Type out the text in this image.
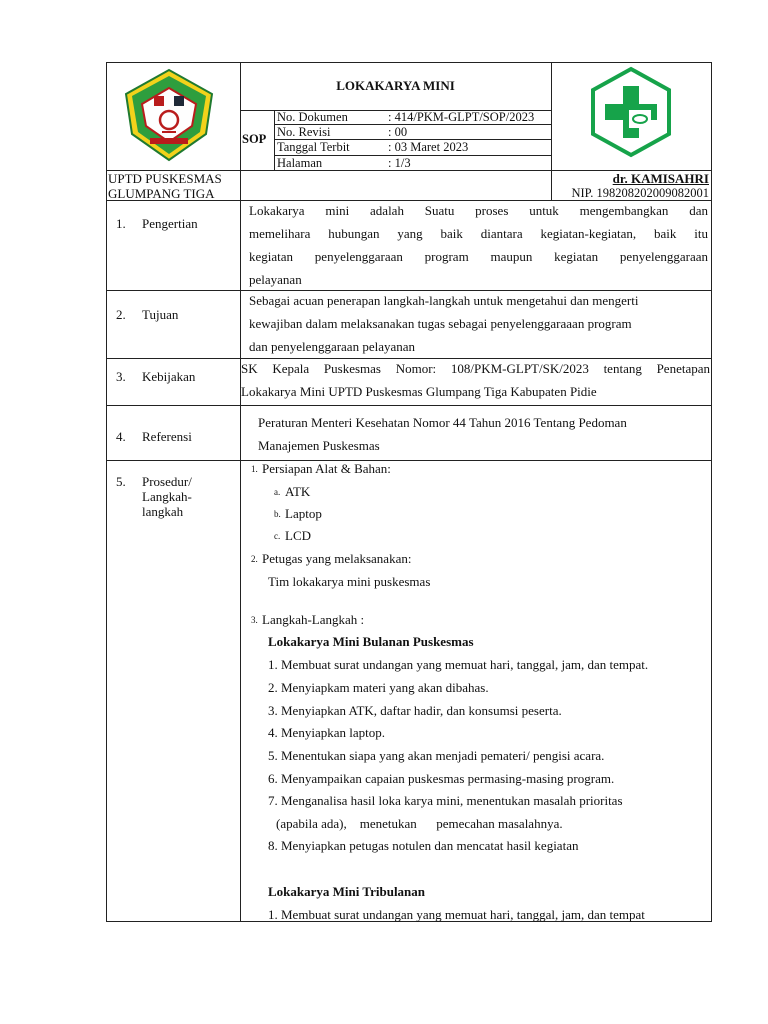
LOKAKARYA MINI
SOP
No. Dokumen	: 414/PKM-GLPT/SOP/2023
No. Revisi	: 00
Tanggal Terbit	: 03 Maret 2023
Halaman	: 1/3
UPTD PUSKESMAS
GLUMPANG TIGA
dr. KAMISAHRI
NIP. 198208202009082001
1. Pengertian
Lokakarya mini adalah Suatu proses untuk mengembangkan dan
memelihara hubungan yang baik diantara kegiatan-kegiatan, baik itu
kegiatan penyelenggaraan program maupun kegiatan penyelenggaraan
pelayanan
2. Tujuan
Sebagai acuan penerapan langkah-langkah untuk mengetahui dan mengerti
kewajiban dalam melaksanakan tugas sebagai penyelenggaraaan program
dan penyelenggaraan pelayanan
3. Kebijakan
SK Kepala Puskesmas Nomor: 108/PKM-GLPT/SK/2023 tentang Penetapan
Lokakarya Mini UPTD Puskesmas Glumpang Tiga Kabupaten Pidie
4. Referensi
Peraturan Menteri Kesehatan Nomor 44 Tahun 2016 Tentang Pedoman
Manajemen Puskesmas
5. Prosedur/
Langkah-
langkah
1. Persiapan Alat & Bahan:
a. ATK
b. Laptop
c. LCD
2. Petugas yang melaksanakan:
Tim lokakarya mini puskesmas
3. Langkah-Langkah :
Lokakarya Mini Bulanan Puskesmas
1. Membuat surat undangan yang memuat hari, tanggal, jam, dan tempat.
2. Menyiapkam materi yang akan dibahas.
3. Menyiapkan ATK, daftar hadir, dan konsumsi peserta.
4. Menyiapkan laptop.
5. Menentukan siapa yang akan menjadi pemateri/ pengisi acara.
6. Menyampaikan capaian puskesmas permasing-masing program.
7. Menganalisa hasil loka karya mini, menentukan masalah prioritas
(apabila ada),    menetukan      pemecahan masalahnya.
8. Menyiapkan petugas notulen dan mencatat hasil kegiatan
Lokakarya Mini Tribulanan
1. Membuat surat undangan yang memuat hari, tanggal, jam, dan tempat
